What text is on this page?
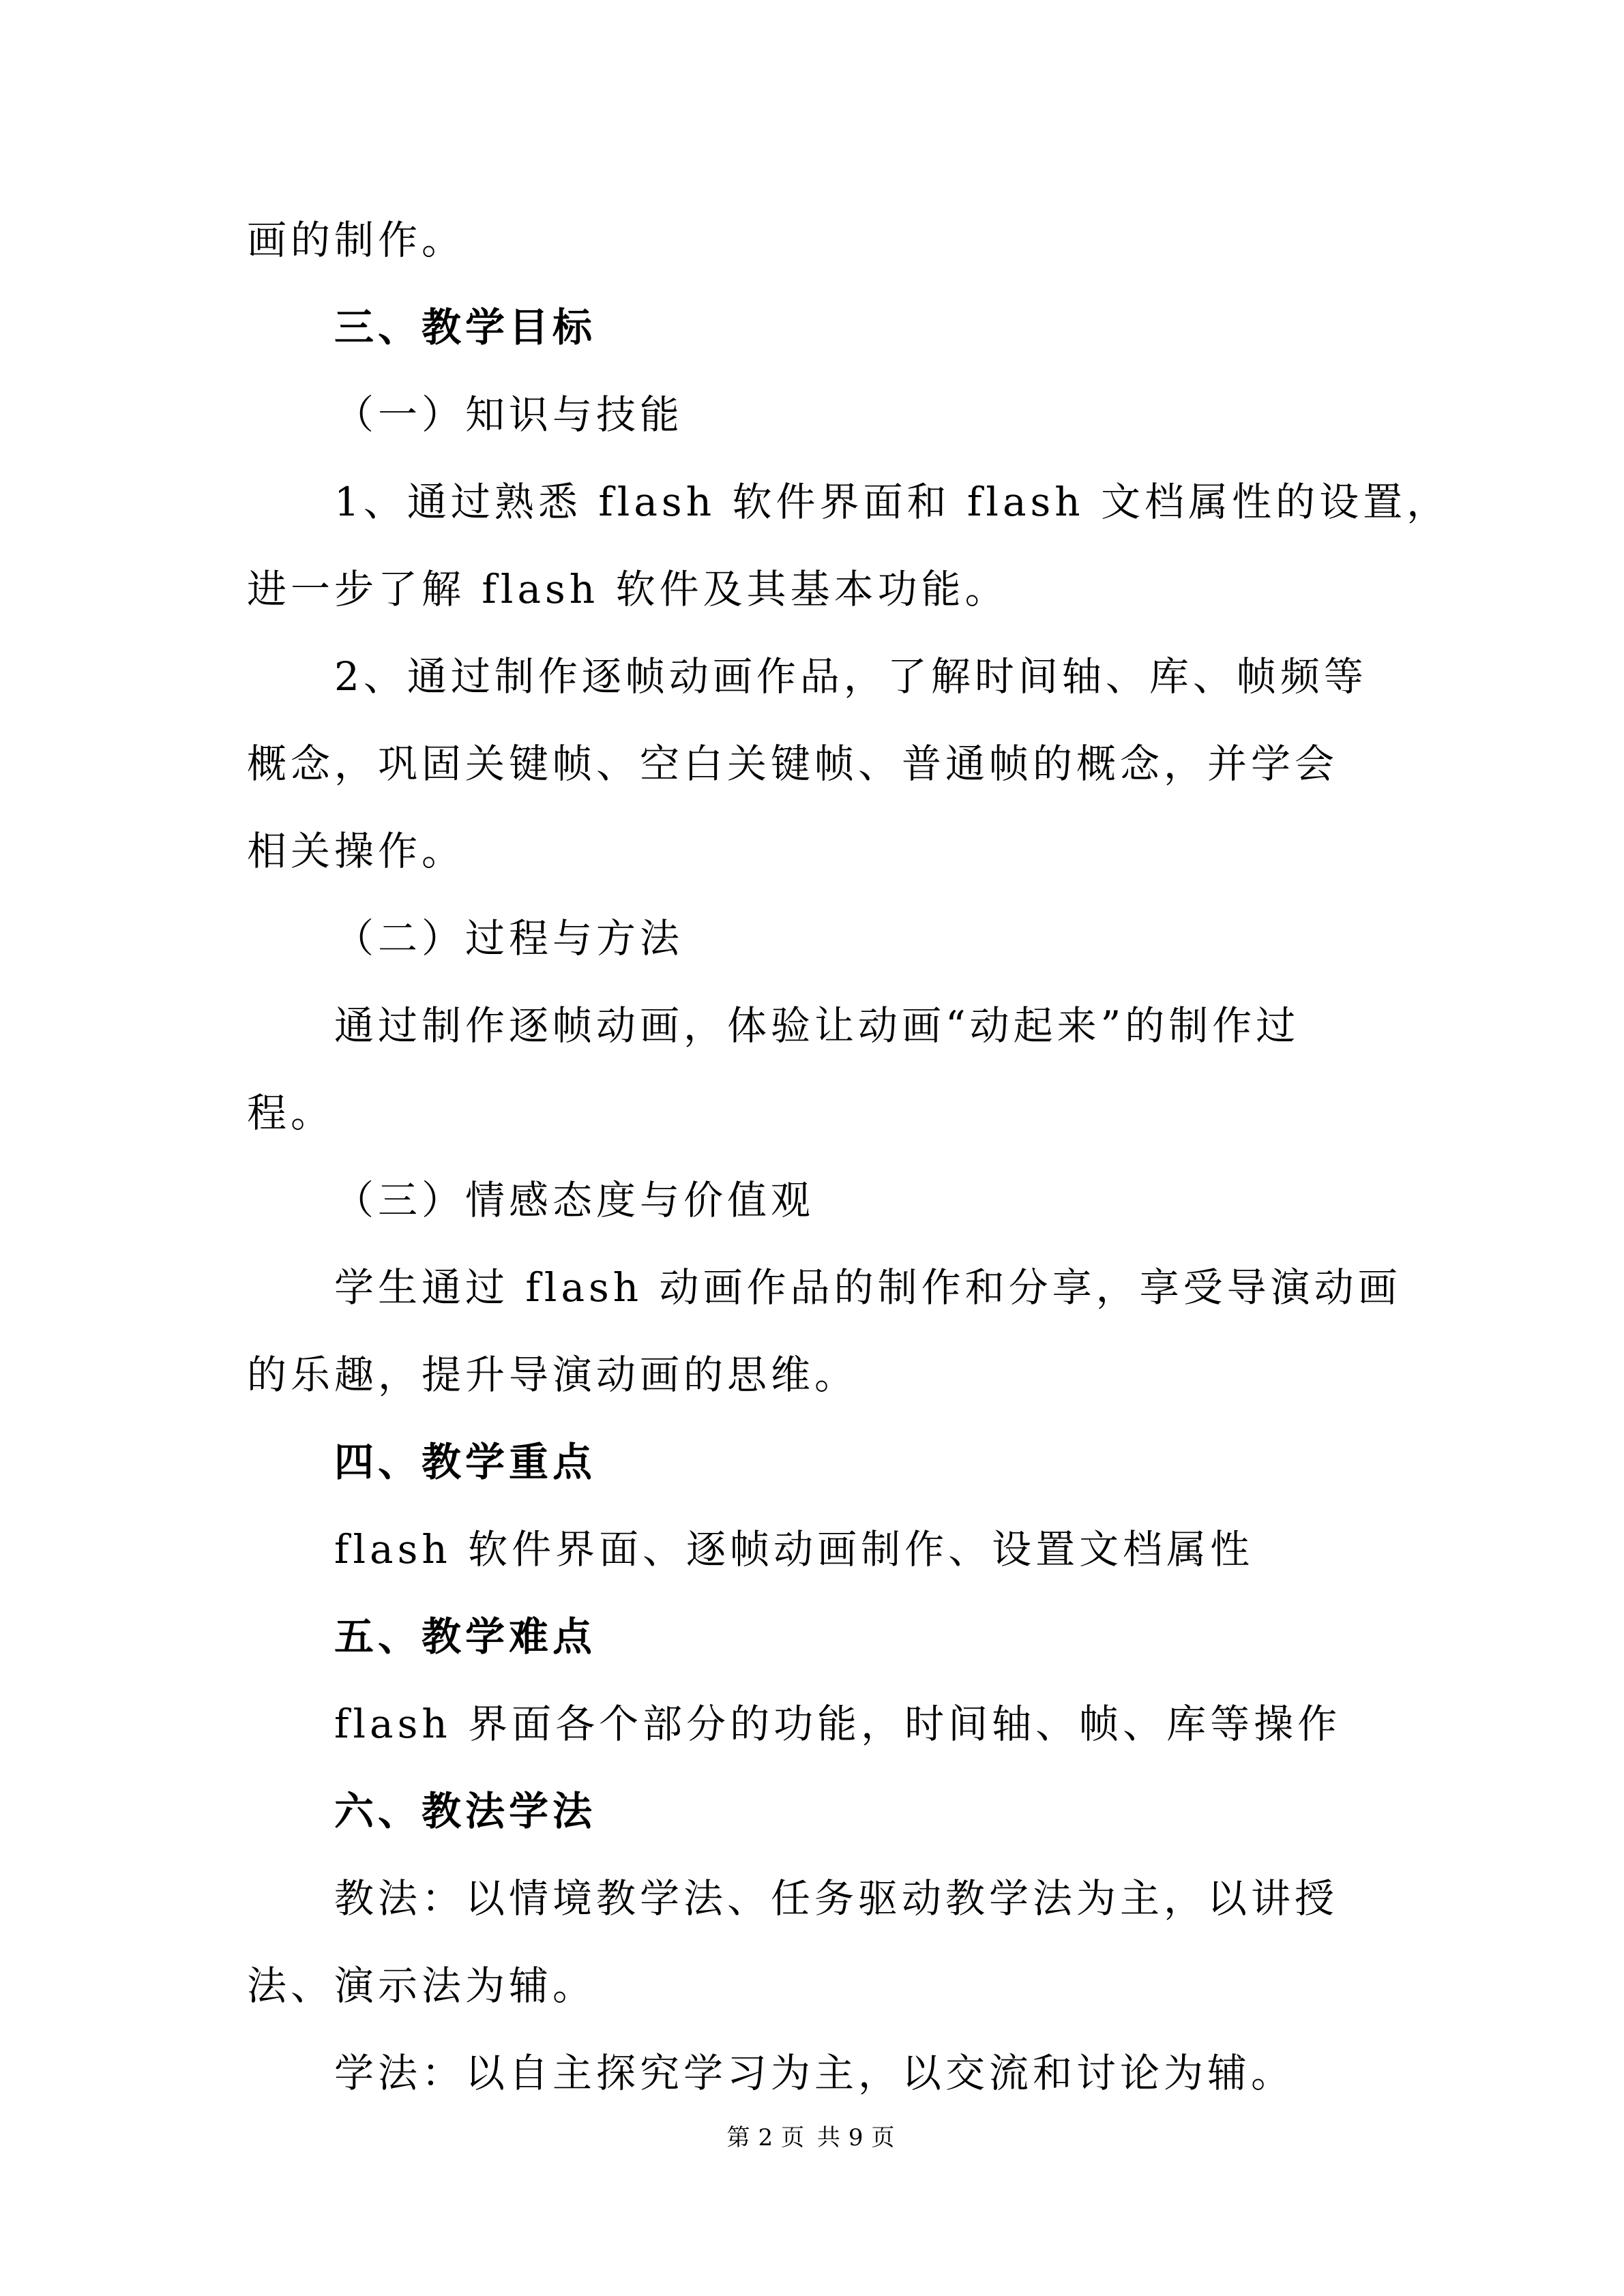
画的制作。
三、教学目标
（一）知识与技能
1、通过熟悉 flash 软件界面和 flash 文档属性的设置，
进一步了解 flash 软件及其基本功能。
2、通过制作逐帧动画作品，了解时间轴、库、帧频等
概念，巩固关键帧、空白关键帧、普通帧的概念，并学会
相关操作。
（二）过程与方法
通过制作逐帧动画，体验让动画“动起来”的制作过
程。
（三）情感态度与价值观
学生通过 flash 动画作品的制作和分享，享受导演动画
的乐趣，提升导演动画的思维。
四、教学重点
flash 软件界面、逐帧动画制作、设置文档属性
五、教学难点
flash 界面各个部分的功能，时间轴、帧、库等操作
六、教法学法
教法：以情境教学法、任务驱动教学法为主，以讲授
法、演示法为辅。
学法：以自主探究学习为主，以交流和讨论为辅。
第 2 页 共 9 页
